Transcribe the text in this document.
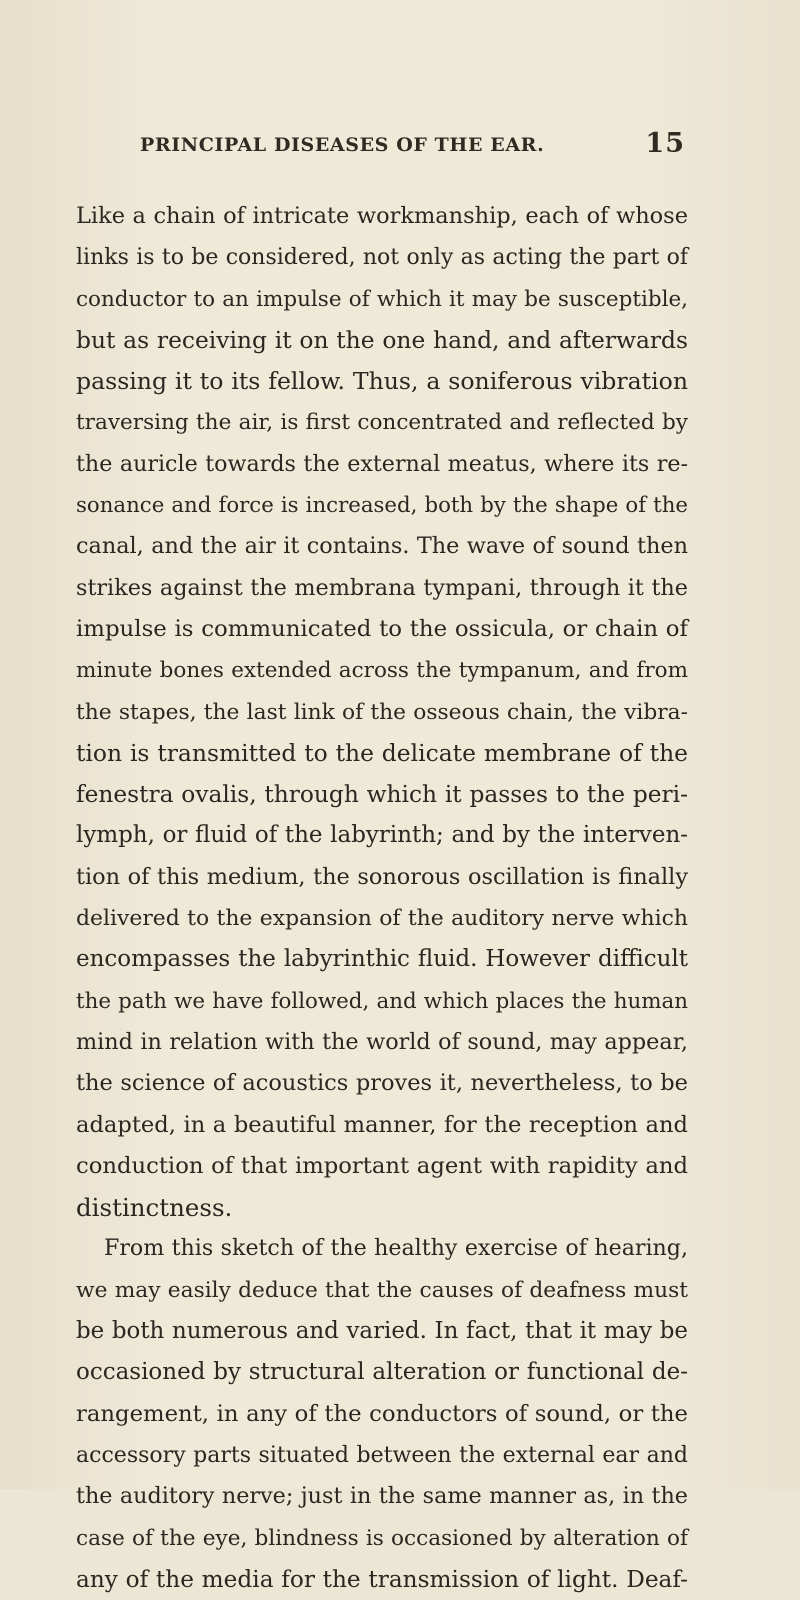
PRINCIPAL DISEASES OF THE EAR.	15
Like a chain of intricate workmanship, each of whose
links is to be considered, not only as acting the part of
conductor to an impulse of which it may be susceptible,
but as receiving it on the one hand, and afterwards
passing it to its fellow. Thus, a soniferous vibration
traversing the air, is first concentrated and reflected by
the auricle towards the external meatus, where its re-
sonance and force is increased, both by the shape of the
canal, and the air it contains. The wave of sound then
strikes against the membrana tympani, through it the
impulse is communicated to the ossicula, or chain of
minute bones extended across the tympanum, and from
the stapes, the last link of the osseous chain, the vibra-
tion is transmitted to the delicate membrane of the
fenestra ovalis, through which it passes to the peri-
lymph, or fluid of the labyrinth; and by the interven-
tion of this medium, the sonorous oscillation is finally
delivered to the expansion of the auditory nerve which
encompasses the labyrinthic fluid. However difficult
the path we have followed, and which places the human
mind in relation with the world of sound, may appear,
the science of acoustics proves it, nevertheless, to be
adapted, in a beautiful manner, for the reception and
conduction of that important agent with rapidity and
distinctness.
From this sketch of the healthy exercise of hearing,
we may easily deduce that the causes of deafness must
be both numerous and varied. In fact, that it may be
occasioned by structural alteration or functional de-
rangement, in any of the conductors of sound, or the
accessory parts situated between the external ear and
the auditory nerve; just in the same manner as, in the
case of the eye, blindness is occasioned by alteration of
any of the media for the transmission of light. Deaf-
